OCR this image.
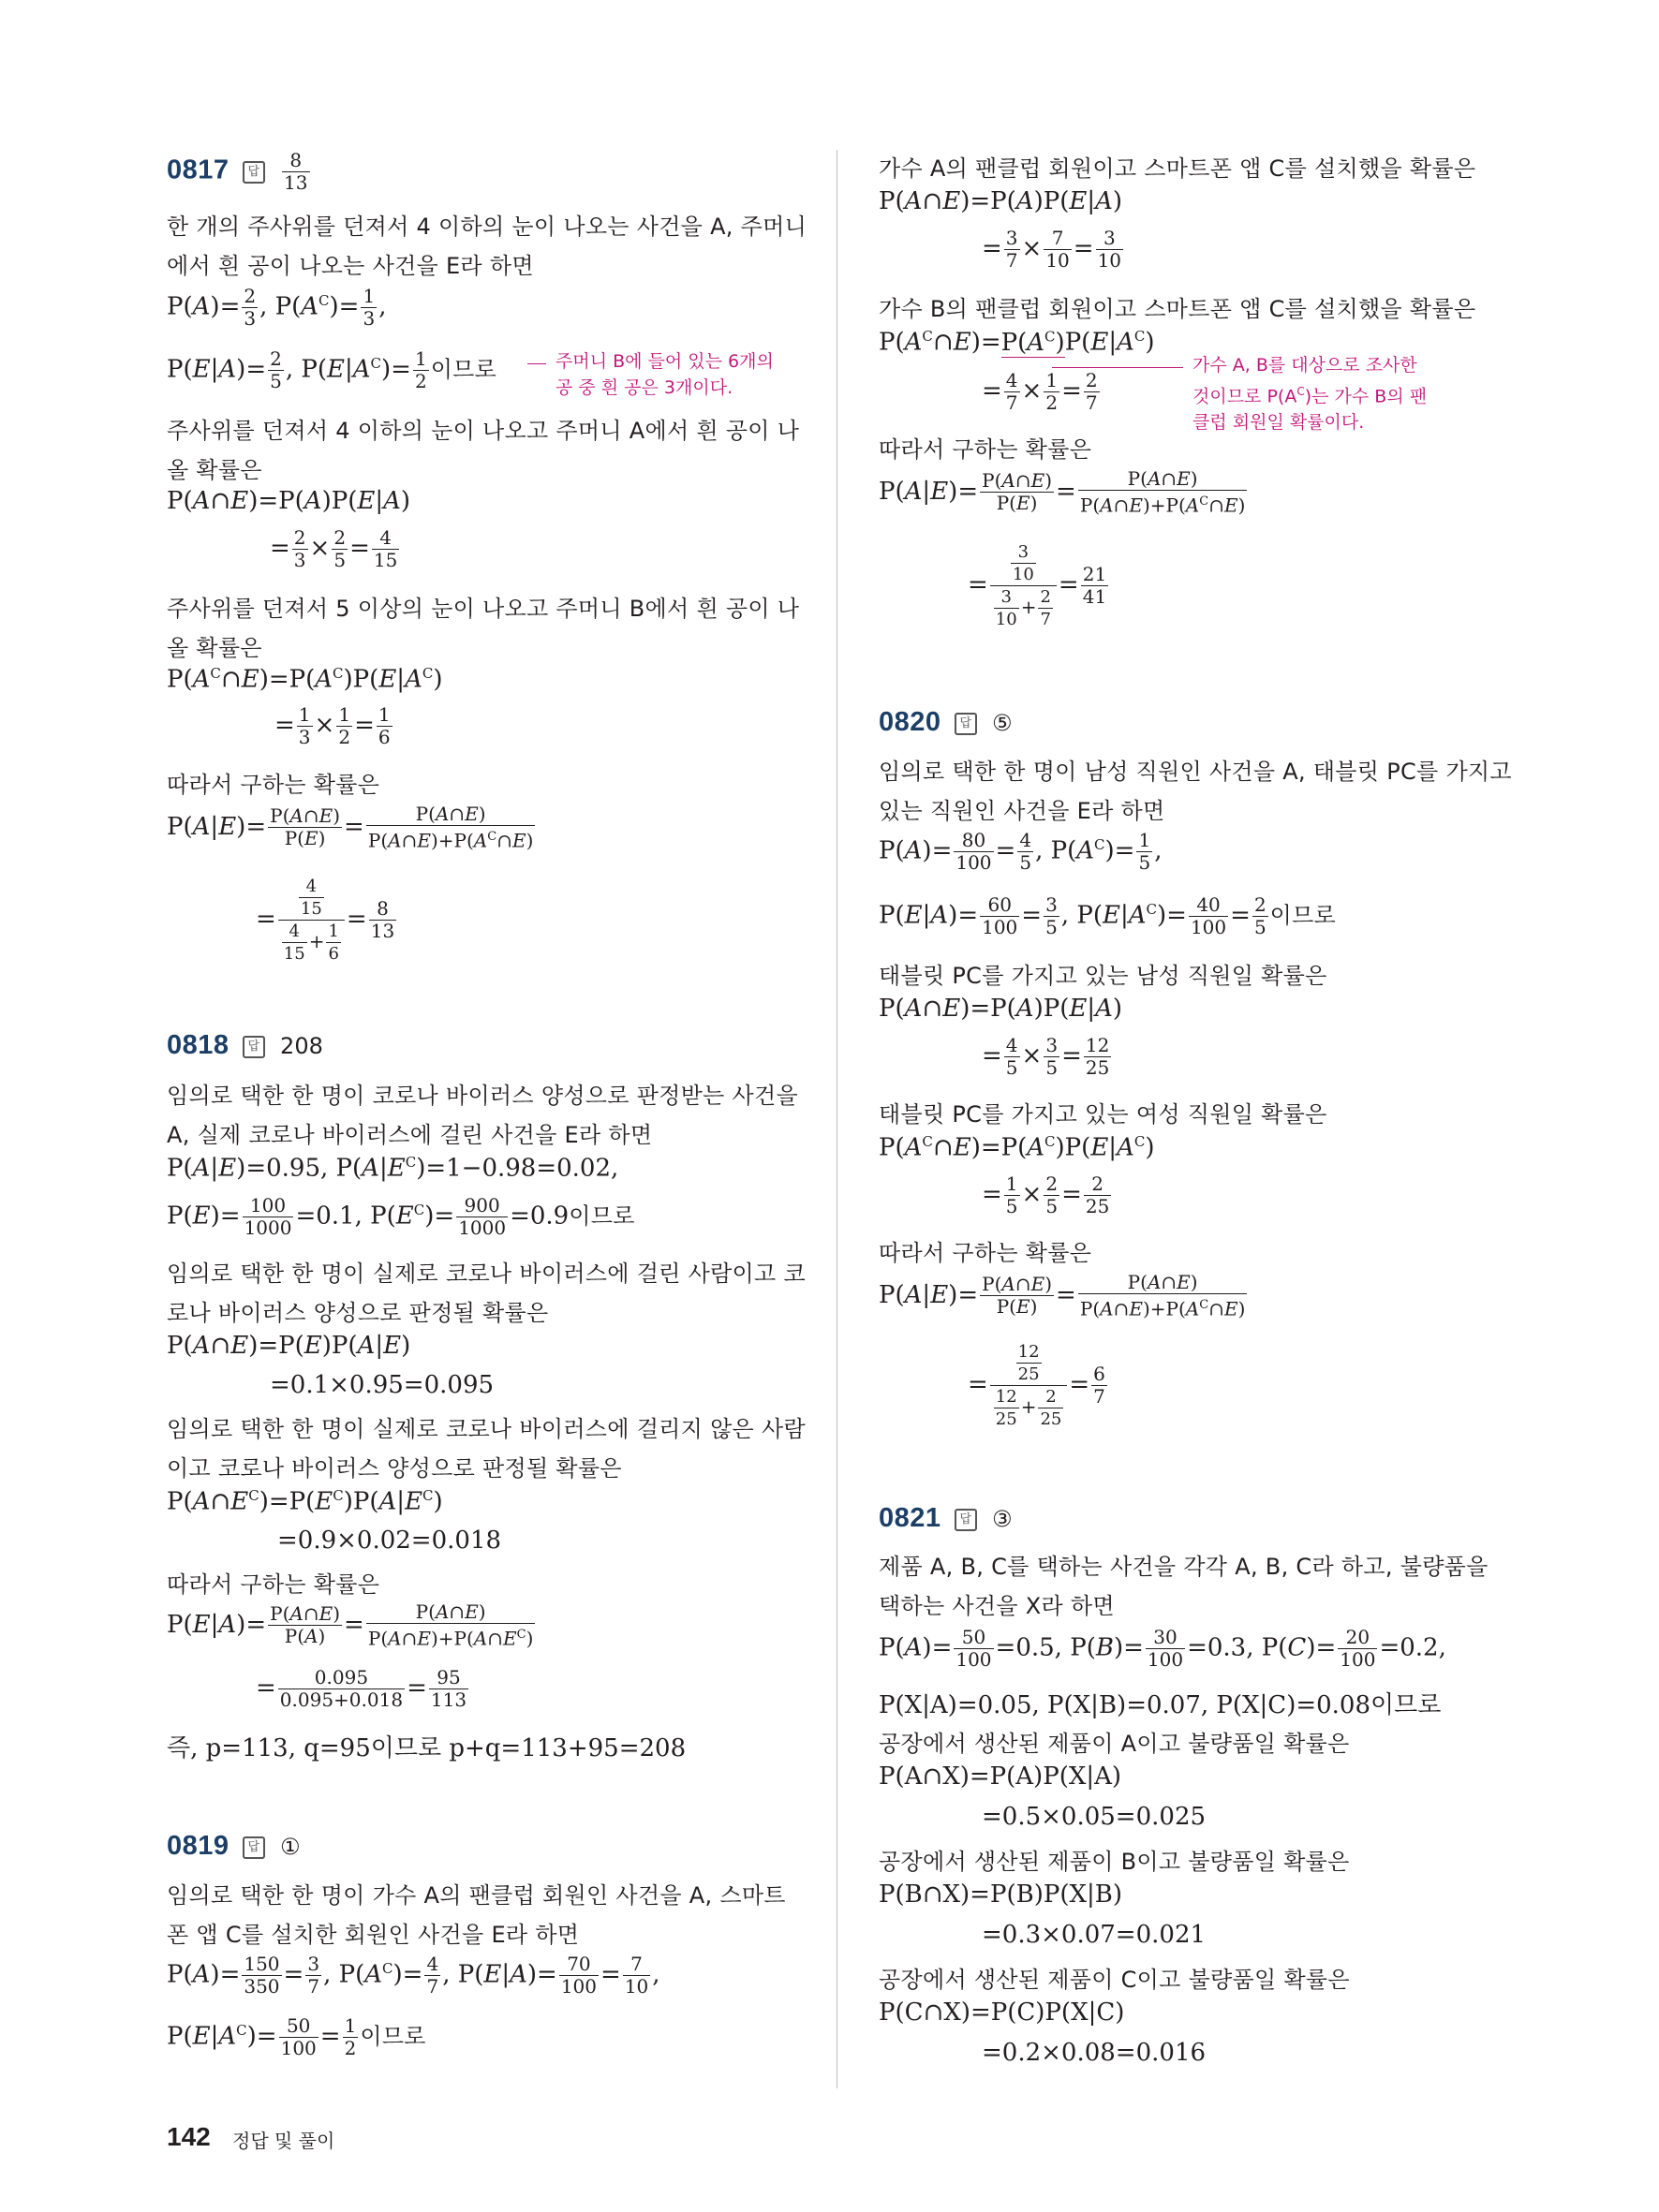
0817 답 $\frac{8}{13}$
한 개의 주사위를 던져서 4 이하의 눈이 나오는 사건을 A, 주머니
에서 흰 공이 나오는 사건을 E라 하면
$P(A)= \frac{2}{3}$ , $P(A^C)= \frac{1}{3}$ ,
$P(E|A)= \frac{2}{5}$ , $P(E|A^C)= \frac{1}{2}$ 이므로	주머니 B에 들어 있는 6개의
공 중 흰 공은 3개이다.
주사위를 던져서 4 이하의 눈이 나오고 주머니 A에서 흰 공이 나
올 확률은
P(A∩E)=P(A)P(E|A)
= $\frac{2}{3} \times \frac{2}{5} = \frac{4}{15}$
주사위를 던져서 5 이상의 눈이 나오고 주머니 B에서 흰 공이 나
올 확률은
$P(A^C\cap E)=P(A^C)P(E|A^C)$
= $\frac{1}{3} \times \frac{1}{2} = \frac{1}{6}$
따라서 구하는 확률은
$P(A|E)= \frac{P(A\cap E)}{P(E)} = \frac{P(A\cap E)}{P(A\cap E)+P(A^C\cap E)}$
= $\frac{\frac{4}{15}}{\frac{4}{15} + \frac{1}{6}} = \frac{8}{13}$
0818 답 208
임의로 택한 한 명이 코로나 바이러스 양성으로 판정받는 사건을
A, 실제 코로나 바이러스에 걸린 사건을 E라 하면
P(A|E)=0.95, $P(A|E^C)=1-0.98=0.02$,
$P(E)= \frac{100}{1000} =0.1$, $P(E^C)= \frac{900}{1000} =0.9$이므로
임의로 택한 한 명이 실제로 코로나 바이러스에 걸린 사람이고 코
로나 바이러스 양성으로 판정될 확률은
P(A∩E)=P(E)P(A|E)
=0.1×0.95=0.095
임의로 택한 한 명이 실제로 코로나 바이러스에 걸리지 않은 사람
이고 코로나 바이러스 양성으로 판정될 확률은
$P(A\cap E^C)=P(E^C)P(A|E^C)$
=0.9×0.02=0.018
따라서 구하는 확률은
$P(E|A)= \frac{P(A\cap E)}{P(A)} = \frac{P(A\cap E)}{P(A\cap E)+P(A\cap E^C)}$
= $\frac{0.095}{0.095+0.018} = \frac{95}{113}$
즉, p=113, q=95이므로 p+q=113+95=208
0819 답 ①
임의로 택한 한 명이 가수 A의 팬클럽 회원인 사건을 A, 스마트
폰 앱 C를 설치한 회원인 사건을 E라 하면
$P(A)= \frac{150}{350} = \frac{3}{7}$ , $P(A^C)= \frac{4}{7}$ , $P(E|A)= \frac{70}{100} = \frac{7}{10}$ ,
$P(E|A^C)= \frac{50}{100} = \frac{1}{2}$ 이므로
가수 A의 팬클럽 회원이고 스마트폰 앱 C를 설치했을 확률은
P(A∩E)=P(A)P(E|A)
= $\frac{3}{7} \times \frac{7}{10} = \frac{3}{10}$
가수 B의 팬클럽 회원이고 스마트폰 앱 C를 설치했을 확률은
$P(A^C\cap E)=P(A^C)P(E|A^C)$
= $\frac{4}{7} \times \frac{1}{2} = \frac{2}{7}$
가수 A, B를 대상으로 조사한
것이므로 $P(A^C)$는 가수 B의 팬
클럽 회원일 확률이다.
따라서 구하는 확률은
$P(A|E)= \frac{P(A\cap E)}{P(E)} = \frac{P(A\cap E)}{P(A\cap E)+P(A^C\cap E)}$
= $\frac{\frac{3}{10}}{\frac{3}{10} + \frac{2}{7}} = \frac{21}{41}$
0820 답 ⑤
임의로 택한 한 명이 남성 직원인 사건을 A, 태블릿 PC를 가지고
있는 직원인 사건을 E라 하면
$P(A)= \frac{80}{100} = \frac{4}{5}$ , $P(A^C)= \frac{1}{5}$ ,
$P(E|A)= \frac{60}{100} = \frac{3}{5}$ , $P(E|A^C)= \frac{40}{100} = \frac{2}{5}$ 이므로
태블릿 PC를 가지고 있는 남성 직원일 확률은
P(A∩E)=P(A)P(E|A)
= $\frac{4}{5} \times \frac{3}{5} = \frac{12}{25}$
태블릿 PC를 가지고 있는 여성 직원일 확률은
$P(A^C\cap E)=P(A^C)P(E|A^C)$
= $\frac{1}{5} \times \frac{2}{5} = \frac{2}{25}$
따라서 구하는 확률은
$P(A|E)= \frac{P(A\cap E)}{P(E)} = \frac{P(A\cap E)}{P(A\cap E)+P(A^C\cap E)}$
= $\frac{\frac{12}{25}}{\frac{12}{25} + \frac{2}{25}} = \frac{6}{7}$
0821 답 ③
제품 A, B, C를 택하는 사건을 각각 A, B, C라 하고, 불량품을
택하는 사건을 X라 하면
$P(A)= \frac{50}{100} =0.5$, $P(B)= \frac{30}{100} =0.3$, $P(C)= \frac{20}{100} =0.2$,
P(X|A)=0.05, P(X|B)=0.07, P(X|C)=0.08이므로
공장에서 생산된 제품이 A이고 불량품일 확률은
P(A∩X)=P(A)P(X|A)
=0.5×0.05=0.025
공장에서 생산된 제품이 B이고 불량품일 확률은
P(B∩X)=P(B)P(X|B)
=0.3×0.07=0.021
공장에서 생산된 제품이 C이고 불량품일 확률은
P(C∩X)=P(C)P(X|C)
=0.2×0.08=0.016
142 정답 및 풀이
